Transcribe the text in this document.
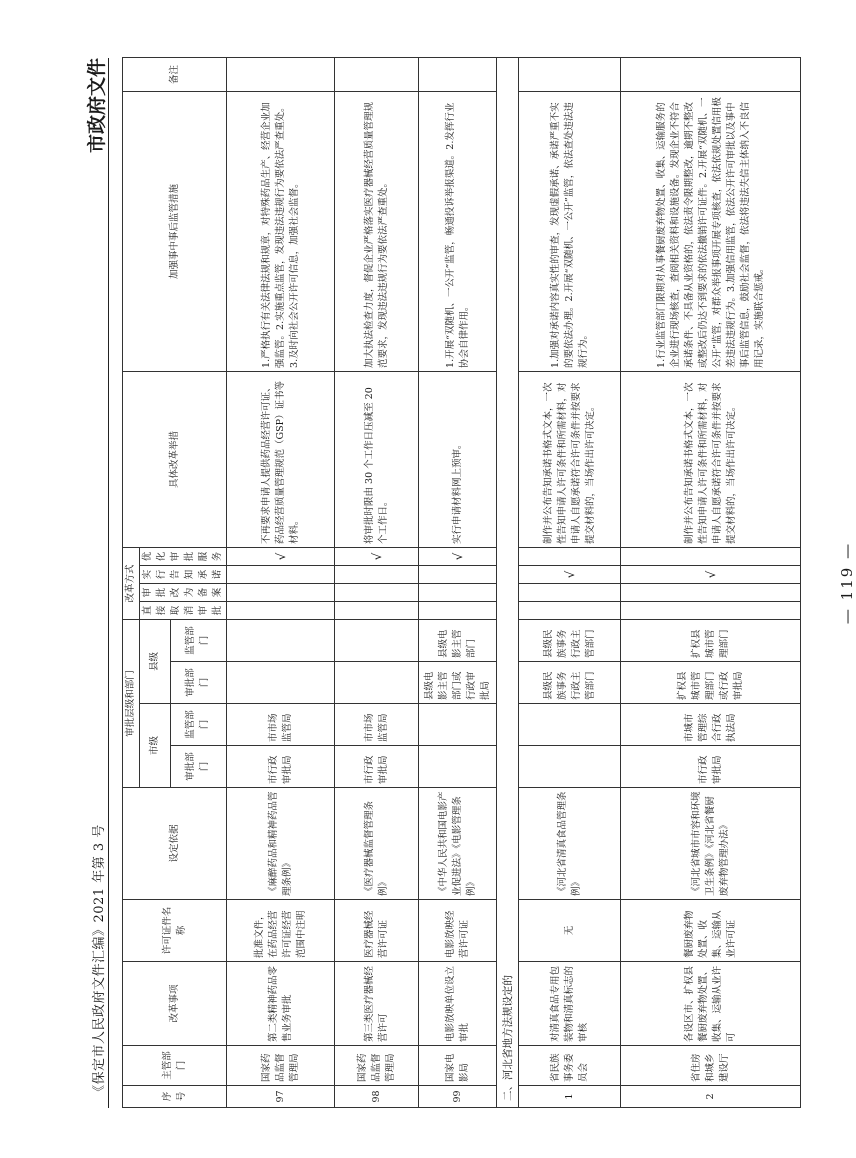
《保定市人民政府文件汇编》2021 年第 3 号
市政府文件
序号	主管部门	改革事项	许可证件名称	设定依据	审批层级和部门				改革方式				具体改革举措	加强事中事后监管措施	备注
					市级		县级		直接取消审批	审批改为备案	实行告知承诺	优化审批服务			
					审批部门	监管部门	审批部门	监管部门							
97	国家药品监督管理局	第二类精神药品零售业务审批	批准文件，在药品经营许可证经营范围中注明	《麻醉药品和精神药品管理条例》	市行政审批局	市市场监管局						√	不再要求申请人提供药品经营许可证、药品经营质量管理规范（GSP）证书等材料。	1.严格执行有关法律法规和规章，对特殊药品生产、经营企业加强监管。2.实施重点监管，发现违法违规行为要依法严查重处。3.及时向社会公开许可信息，加强社会监督。	
98	国家药品监督管理局	第三类医疗器械经营许可	医疗器械经营许可证	《医疗器械监督管理条例》	市行政审批局	市市场监管局						√	将审批时限由 30 个工作日压减至 20 个工作日。	加大执法检查力度，督促企业严格落实医疗器械经营质量管理规范要求，发现违法违规行为要依法严查重处。	
99	国家电影局	电影放映单位设立审批	电影放映经营许可证	《中华人民共和国电影产业促进法》《电影管理条例》			县级电影主管部门或行政审批局	县级电影主管部门				√	实行申请材料网上预审。	1.开展“双随机、一公开”监管，畅通投诉举报渠道。2.发挥行业协会自律作用。	
二、河北省地方法规设定的															
1	省民族事务委员会	对清真食品专用包装物和清真标志的审核	无	《河北省清真食品管理条例》			县级民族事务行政主管部门	县级民族事务行政主管部门			√		制作并公布告知承诺书格式文本，一次性告知申请人许可条件和所需材料，对申请人自愿承诺符合许可条件并按要求提交材料的，当场作出许可决定。	1.加强对承诺内容真实性的审查，发现虚假承诺、承诺严重不实的要依法办理。2.开展“双随机、一公开”监管，依法查处违法违规行为。	
2	省住房和城乡建设厅	各设区市、扩权县餐厨废弃物处置、收集、运输从业许可	餐厨废弃物处置、收集、运输从业许可证	《河北省城市市容和环境卫生条例》《河北省餐厨废弃物管理办法》	市行政审批局	市城市管理综合行政执法局	扩权县城市管理部门或行政审批局	扩权县城市管理部门			√		制作并公布告知承诺书格式文本，一次性告知申请人许可条件和所需材料，对申请人自愿承诺符合许可条件并按要求提交材料的，当场作出许可决定。	1.行业监管部门限期对从事餐厨废弃物处置、收集、运输服务的企业进行现场核查，查阅相关资料和设施设备。发现企业不符合承诺条件、不具备从业资格的，依法责令限期整改，逾期不整改或整改后仍达不到要求的依法撤销许可证件。2.开展“双随机、一公开”监管，对群众举报事项开展专项核查，依法依规处置信用极差违法违规行为。3.加强信用监管，依法公开许可审批以及事中事后监管信息，鼓励社会监督，依法将违法失信主体纳入不良信用记录，实施联合惩戒。	
— 119 —
